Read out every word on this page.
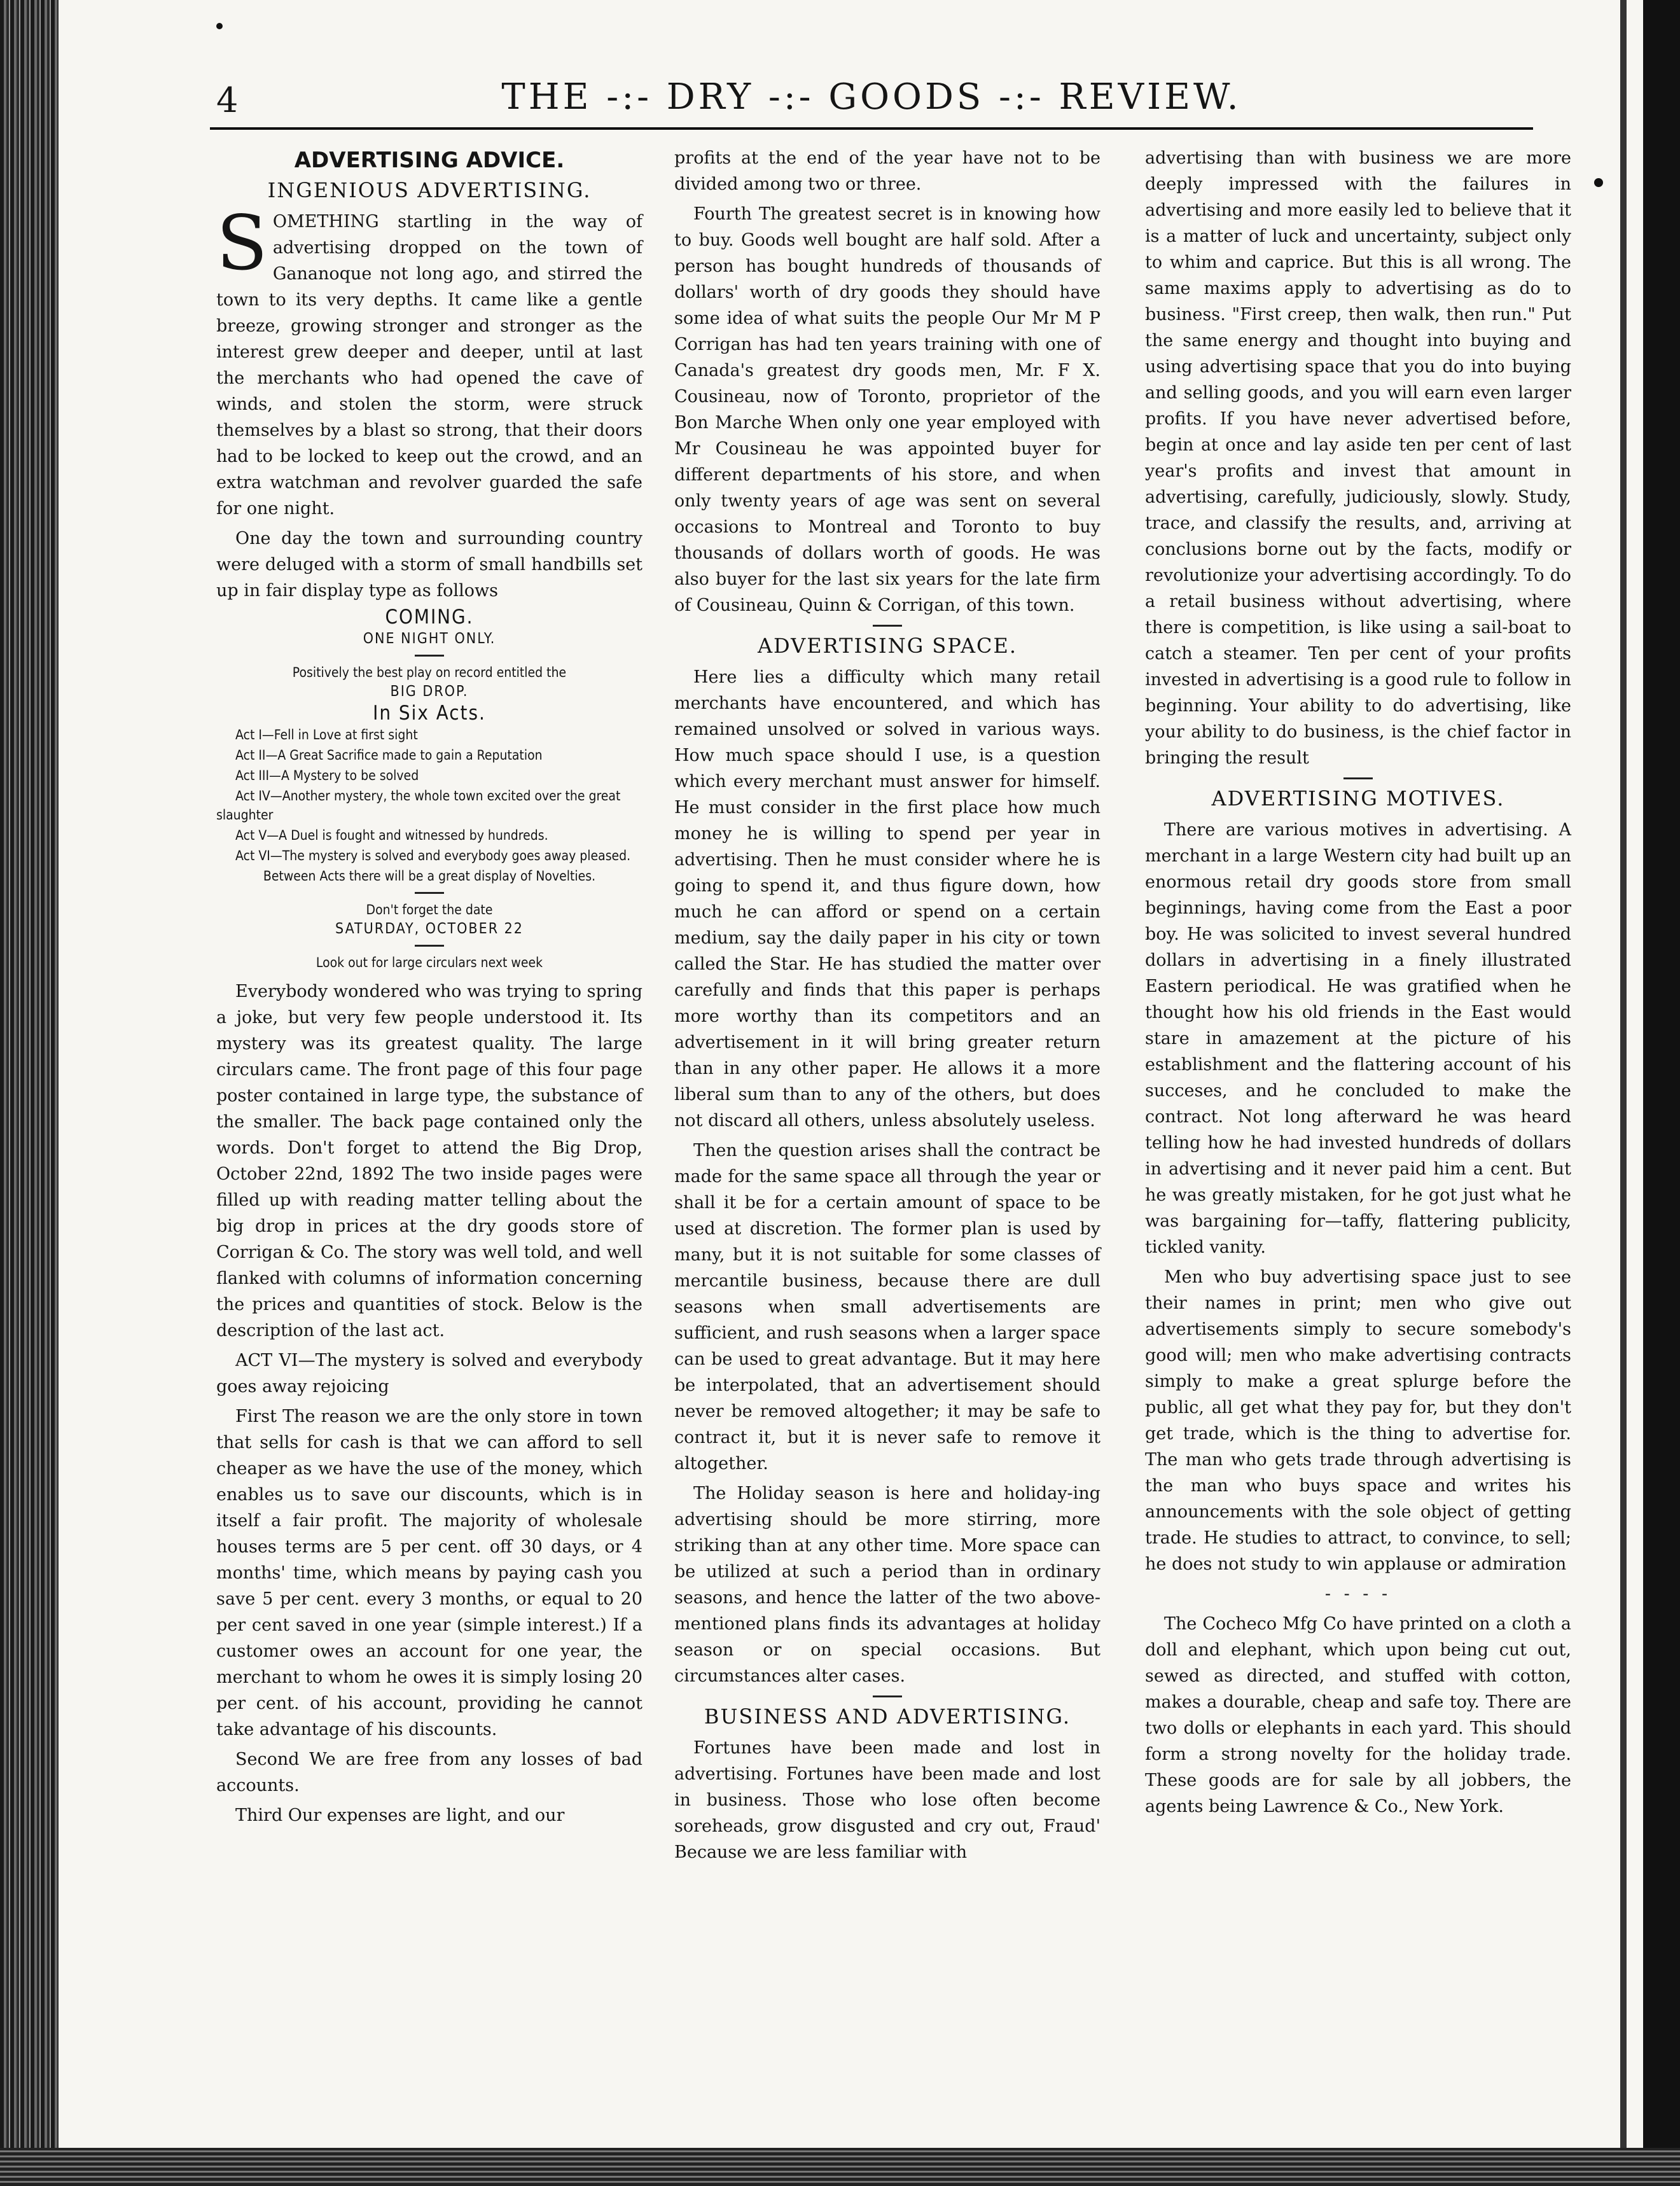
4	THE -:- DRY -:- GOODS -:- REVIEW.
ADVERTISING ADVICE.
INGENIOUS ADVERTISING.

SOMETHING startling in the way of advertising dropped on the town of Gananoque not long ago, and stirred the town to its very depths. It came like a gentle breeze, growing stronger and stronger as the interest grew deeper and deeper, until at last the merchants who had opened the cave of winds, and stolen the storm, were struck themselves by a blast so strong, that their doors had to be locked to keep out the crowd, and an extra watchman and revolver guarded the safe for one night.

One day the town and surrounding country were deluged with a storm of small handbills set up in fair display type as follows

COMING.
ONE NIGHT ONLY.
Positively the best play on record entitled the
BIG DROP.
In Six Acts.
Act I—Fell in Love at first sight
Act II—A Great Sacrifice made to gain a Reputation
Act III—A Mystery to be solved
Act IV—Another mystery, the whole town excited over the great slaughter
Act V—A Duel is fought and witnessed by hundreds.
Act VI—The mystery is solved and everybody goes away pleased.
Between Acts there will be a great display of Novelties.
Don't forget the date
SATURDAY, OCTOBER 22
Look out for large circulars next week

Everybody wondered who was trying to spring a joke, but very few people understood it. Its mystery was its greatest quality. The large circulars came. The front page of this four page poster contained in large type, the substance of the smaller. The back page contained only the words. Don't forget to attend the Big Drop, October 22nd, 1892 The two inside pages were filled up with reading matter telling about the big drop in prices at the dry goods store of Corrigan & Co. The story was well told, and well flanked with columns of information concerning the prices and quantities of stock. Below is the description of the last act.

ACT VI—The mystery is solved and everybody goes away rejoicing

First The reason we are the only store in town that sells for cash is that we can afford to sell cheaper as we have the use of the money, which enables us to save our discounts, which is in itself a fair profit. The majority of wholesale houses terms are 5 per cent. off 30 days, or 4 months' time, which means by paying cash you save 5 per cent. every 3 months, or equal to 20 per cent saved in one year (simple interest.) If a customer owes an account for one year, the merchant to whom he owes it is simply losing 20 per cent. of his account, providing he cannot take advantage of his discounts.

Second We are free from any losses of bad accounts.

Third Our expenses are light, and our

profits at the end of the year have not to be divided among two or three.

Fourth The greatest secret is in knowing how to buy. Goods well bought are half sold. After a person has bought hundreds of thousands of dollars' worth of dry goods they should have some idea of what suits the people Our Mr M P Corrigan has had ten years training with one of Canada's greatest dry goods men, Mr. F X. Cousineau, now of Toronto, proprietor of the Bon Marche When only one year employed with Mr Cousineau he was appointed buyer for different departments of his store, and when only twenty years of age was sent on several occasions to Montreal and Toronto to buy thousands of dollars worth of goods. He was also buyer for the last six years for the late firm of Cousineau, Quinn & Corrigan, of this town.

ADVERTISING SPACE.

Here lies a difficulty which many retail merchants have encountered, and which has remained unsolved or solved in various ways. How much space should I use, is a question which every merchant must answer for himself. He must consider in the first place how much money he is willing to spend per year in advertising. Then he must consider where he is going to spend it, and thus figure down, how much he can afford or spend on a certain medium, say the daily paper in his city or town called the Star. He has studied the matter over carefully and finds that this paper is perhaps more worthy than its competitors and an advertisement in it will bring greater return than in any other paper. He allows it a more liberal sum than to any of the others, but does not discard all others, unless absolutely useless.

Then the question arises shall the contract be made for the same space all through the year or shall it be for a certain amount of space to be used at discretion. The former plan is used by many, but it is not suitable for some classes of mercantile business, because there are dull seasons when small advertisements are sufficient, and rush seasons when a larger space can be used to great advantage. But it may here be interpolated, that an advertisement should never be removed altogether; it may be safe to contract it, but it is never safe to remove it altogether.

The Holiday season is here and holiday-ing advertising should be more stirring, more striking than at any other time. More space can be utilized at such a period than in ordinary seasons, and hence the latter of the two above-mentioned plans finds its advantages at holiday season or on special occasions. But circumstances alter cases.

BUSINESS AND ADVERTISING.

Fortunes have been made and lost in advertising. Fortunes have been made and lost in business. Those who lose often become soreheads, grow disgusted and cry out, Fraud' Because we are less familiar with

advertising than with business we are more deeply impressed with the failures in advertising and more easily led to believe that it is a matter of luck and uncertainty, subject only to whim and caprice. But this is all wrong. The same maxims apply to advertising as do to business. "First creep, then walk, then run." Put the same energy and thought into buying and using advertising space that you do into buying and selling goods, and you will earn even larger profits. If you have never advertised before, begin at once and lay aside ten per cent of last year's profits and invest that amount in advertising, carefully, judiciously, slowly. Study, trace, and classify the results, and, arriving at conclusions borne out by the facts, modify or revolutionize your advertising accordingly. To do a retail business without advertising, where there is competition, is like using a sail-boat to catch a steamer. Ten per cent of your profits invested in advertising is a good rule to follow in beginning. Your ability to do advertising, like your ability to do business, is the chief factor in bringing the result

ADVERTISING MOTIVES.

There are various motives in advertising. A merchant in a large Western city had built up an enormous retail dry goods store from small beginnings, having come from the East a poor boy. He was solicited to invest several hundred dollars in advertising in a finely illustrated Eastern periodical. He was gratified when he thought how his old friends in the East would stare in amazement at the picture of his establishment and the flattering account of his succeses, and he concluded to make the contract. Not long afterward he was heard telling how he had invested hundreds of dollars in advertising and it never paid him a cent. But he was greatly mistaken, for he got just what he was bargaining for—taffy, flattering publicity, tickled vanity.

Men who buy advertising space just to see their names in print; men who give out advertisements simply to secure somebody's good will; men who make advertising contracts simply to make a great splurge before the public, all get what they pay for, but they don't get trade, which is the thing to advertise for. The man who gets trade through advertising is the man who buys space and writes his announcements with the sole object of getting trade. He studies to attract, to convince, to sell; he does not study to win applause or admiration

- - - -

The Cocheco Mfg Co have printed on a cloth a doll and elephant, which upon being cut out, sewed as directed, and stuffed with cotton, makes a dourable, cheap and safe toy. There are two dolls or elephants in each yard. This should form a strong novelty for the holiday trade. These goods are for sale by all jobbers, the agents being Lawrence & Co., New York.
